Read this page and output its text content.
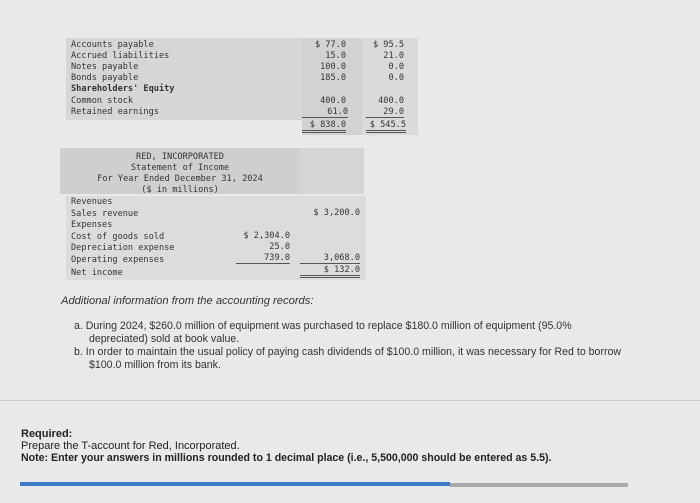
Accounts payable	$ 77.0	$ 95.5
Accrued liabilities	15.0	21.0
Notes payable	100.0	0.0
Bonds payable	185.0	0.0
Shareholders' Equity
Common stock	400.0	400.0
Retained earnings	61.0	29.0
$ 838.0	$ 545.5
RED, INCORPORATED
Statement of Income
For Year Ended December 31, 2024
($ in millions)
Revenues
Sales revenue	$ 3,200.0
Expenses
Cost of goods sold	$ 2,304.0
Depreciation expense	25.0
Operating expenses	739.0	3,068.0
Net income	$ 132.0
Additional information from the accounting records:
a. During 2024, $260.0 million of equipment was purchased to replace $180.0 million of equipment (95.0%
depreciated) sold at book value.
b. In order to maintain the usual policy of paying cash dividends of $100.0 million, it was necessary for Red to borrow
$100.0 million from its bank.
Required:
Prepare the T-account for Red, Incorporated.
Note: Enter your answers in millions rounded to 1 decimal place (i.e., 5,500,000 should be entered as 5.5).
